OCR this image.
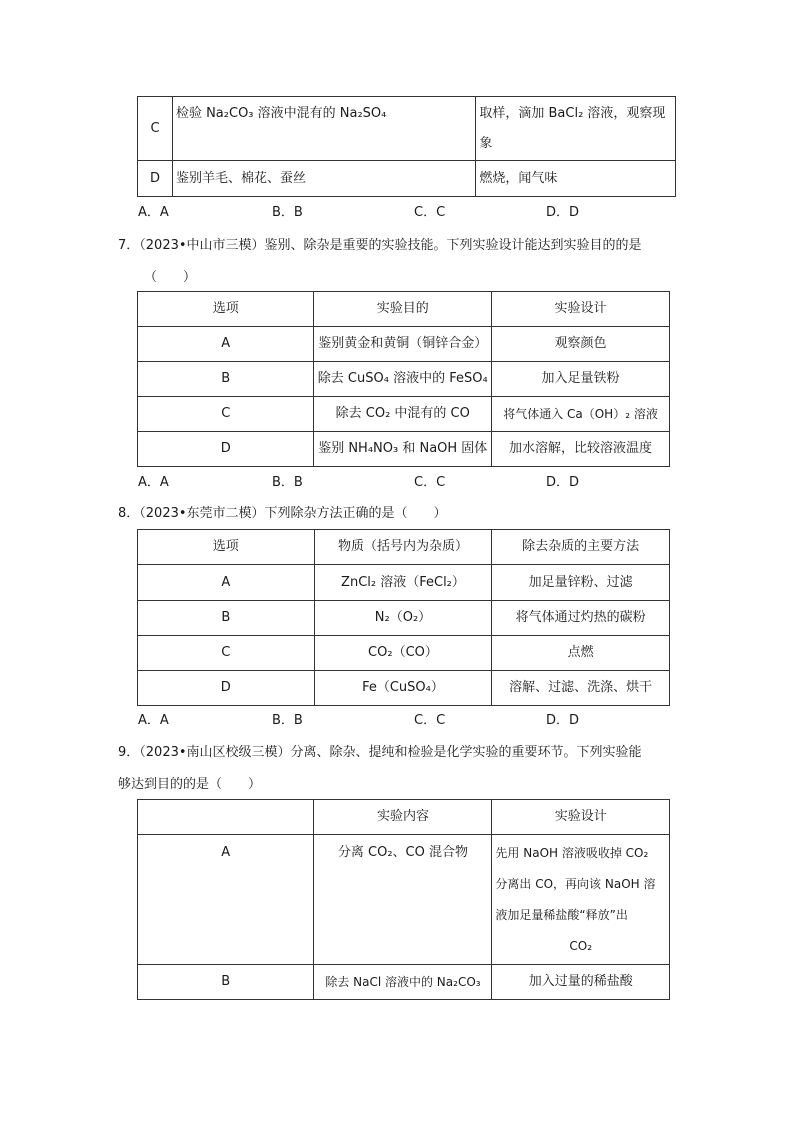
C	检验 Na₂CO₃ 溶液中混有的 Na₂SO₄	取样，滴加 BaCl₂ 溶液，观察现
象

D	鉴别羊毛、棉花、蚕丝	燃烧，闻气味
A．A	B．B	C．C	D．D
7．（2023•中山市三模）鉴别、除杂是重要的实验技能。下列实验设计能达到实验目的的是
（　　）
选项	实验目的	实验设计
A	鉴别黄金和黄铜（铜锌合金）	观察颜色
B	除去 CuSO₄ 溶液中的 FeSO₄	加入足量铁粉
C	除去 CO₂ 中混有的 CO	将气体通入 Ca（OH）₂ 溶液
D	鉴别 NH₄NO₃ 和 NaOH 固体	加水溶解，比较溶液温度
A．A	B．B	C．C	D．D
8．（2023•东莞市二模）下列除杂方法正确的是（　　）
选项	物质（括号内为杂质）	除去杂质的主要方法
A	ZnCl₂ 溶液（FeCl₂）	加足量锌粉、过滤
B	N₂（O₂）	将气体通过灼热的碳粉
C	CO₂（CO）	点燃
D	Fe（CuSO₄）	溶解、过滤、洗涤、烘干
A．A	B．B	C．C	D．D
9．（2023•南山区校级三模）分离、除杂、提纯和检验是化学实验的重要环节。下列实验能
够达到目的的是（　　）
	实验内容	实验设计
A	分离 CO₂、CO 混合物	先用 NaOH 溶液吸收掉 CO₂
分离出 CO，再向该 NaOH 溶
液加足量稀盐酸“释放”出
CO₂

B	除去 NaCl 溶液中的 Na₂CO₃	加入过量的稀盐酸
